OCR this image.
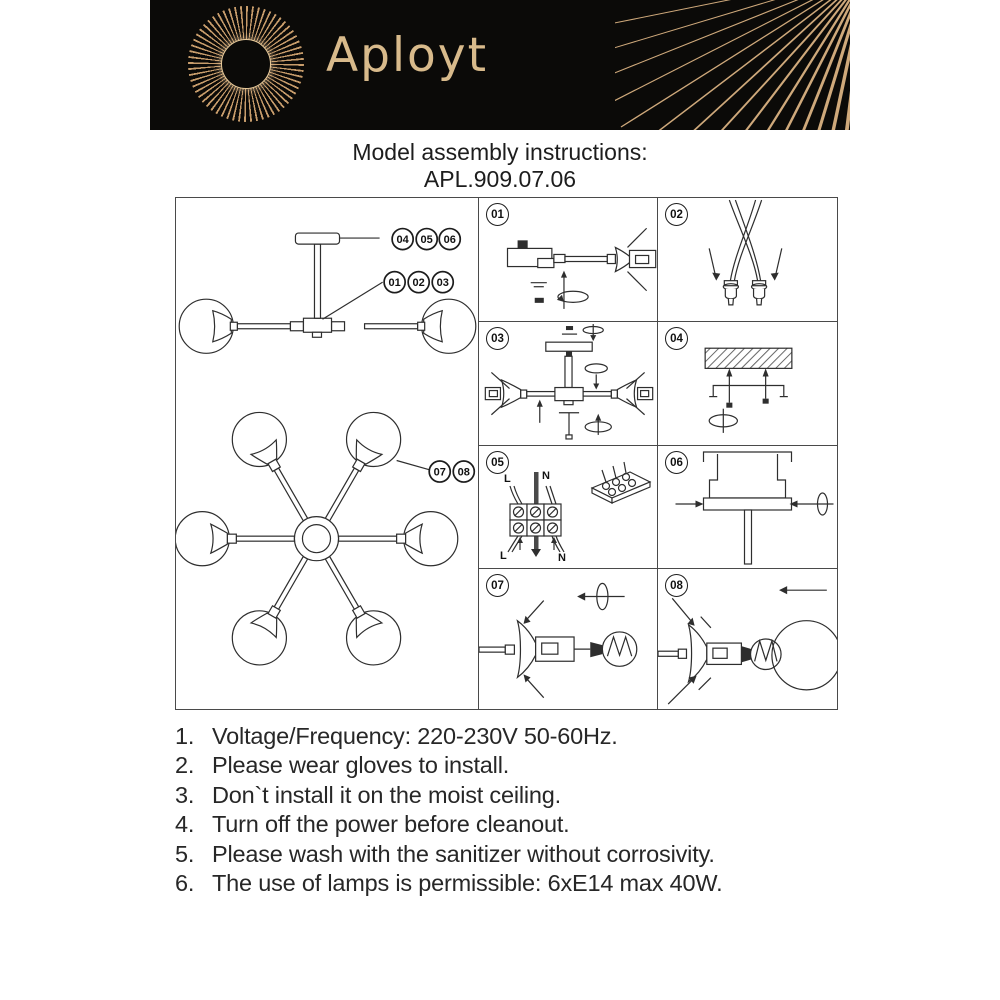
Aployt
Model assembly instructions:
APL.909.07.06
04 05 06
01 02 03
07 08
01	02
03	04
05
L	N
L	N
06
07	08
1. Voltage/Frequency: 220-230V 50-60Hz.
2. Please wear gloves to install.
3. Don`t install it on the moist ceiling.
4. Turn off the power before cleanout.
5. Please wash with the sanitizer without corrosivity.
6. The use of lamps is permissible: 6xE14 max 40W.
